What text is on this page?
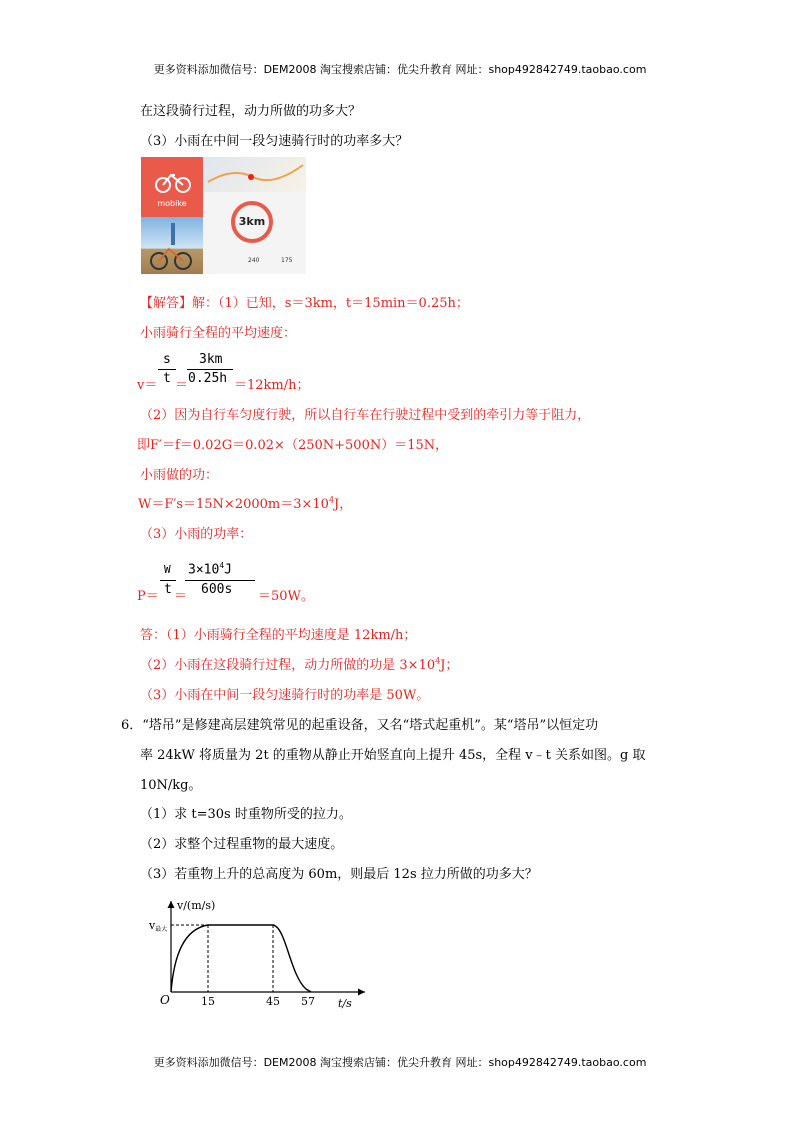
更多资料添加微信号：DEM2008 淘宝搜索店铺：优尖升教育 网址：shop492842749.taobao.com
在这段骑行过程，动力所做的功多大？
（3）小雨在中间一段匀速骑行时的功率多大？
mobike
3km
240	175
【解答】解：（1）已知，s＝3km，t＝15min＝0.25h；
小雨骑行全程的平均速度：
s
t
3km
0.25h
v＝ ＝	＝12km/h；
（2）因为自行车匀度行驶，所以自行车在行驶过程中受到的牵引力等于阻力，
即F′＝f＝0.02G＝0.02×（250N+500N）＝15N，
小雨做的功：
$W=F's=15N\times 2000m=3\times 10^4J$，
（3）小雨的功率：
W
t
$3\times 10^4J$
600s
P＝ ＝	＝50W。
答：（1）小雨骑行全程的平均速度是 12km/h；
（2）小雨在这段骑行过程，动力所做的功是 $3\times 10^4J$；
（3）小雨在中间一段匀速骑行时的功率是 50W。
6．“塔吊”是修建高层建筑常见的起重设备，又名“塔式起重机”。某“塔吊”以恒定功
率 24kW 将质量为 2t 的重物从静止开始竖直向上提升 45s，全程 v﹣t 关系如图。g 取
10N/kg。
（1）求 t=30s 时重物所受的拉力。
（2）求整个过程重物的最大速度。
（3）若重物上升的总高度为 60m，则最后 12s 拉力所做的功多大？
v/(m/s)
v最大
O	15	45 57 t/s
更多资料添加微信号：DEM2008 淘宝搜索店铺：优尖升教育 网址：shop492842749.taobao.com
